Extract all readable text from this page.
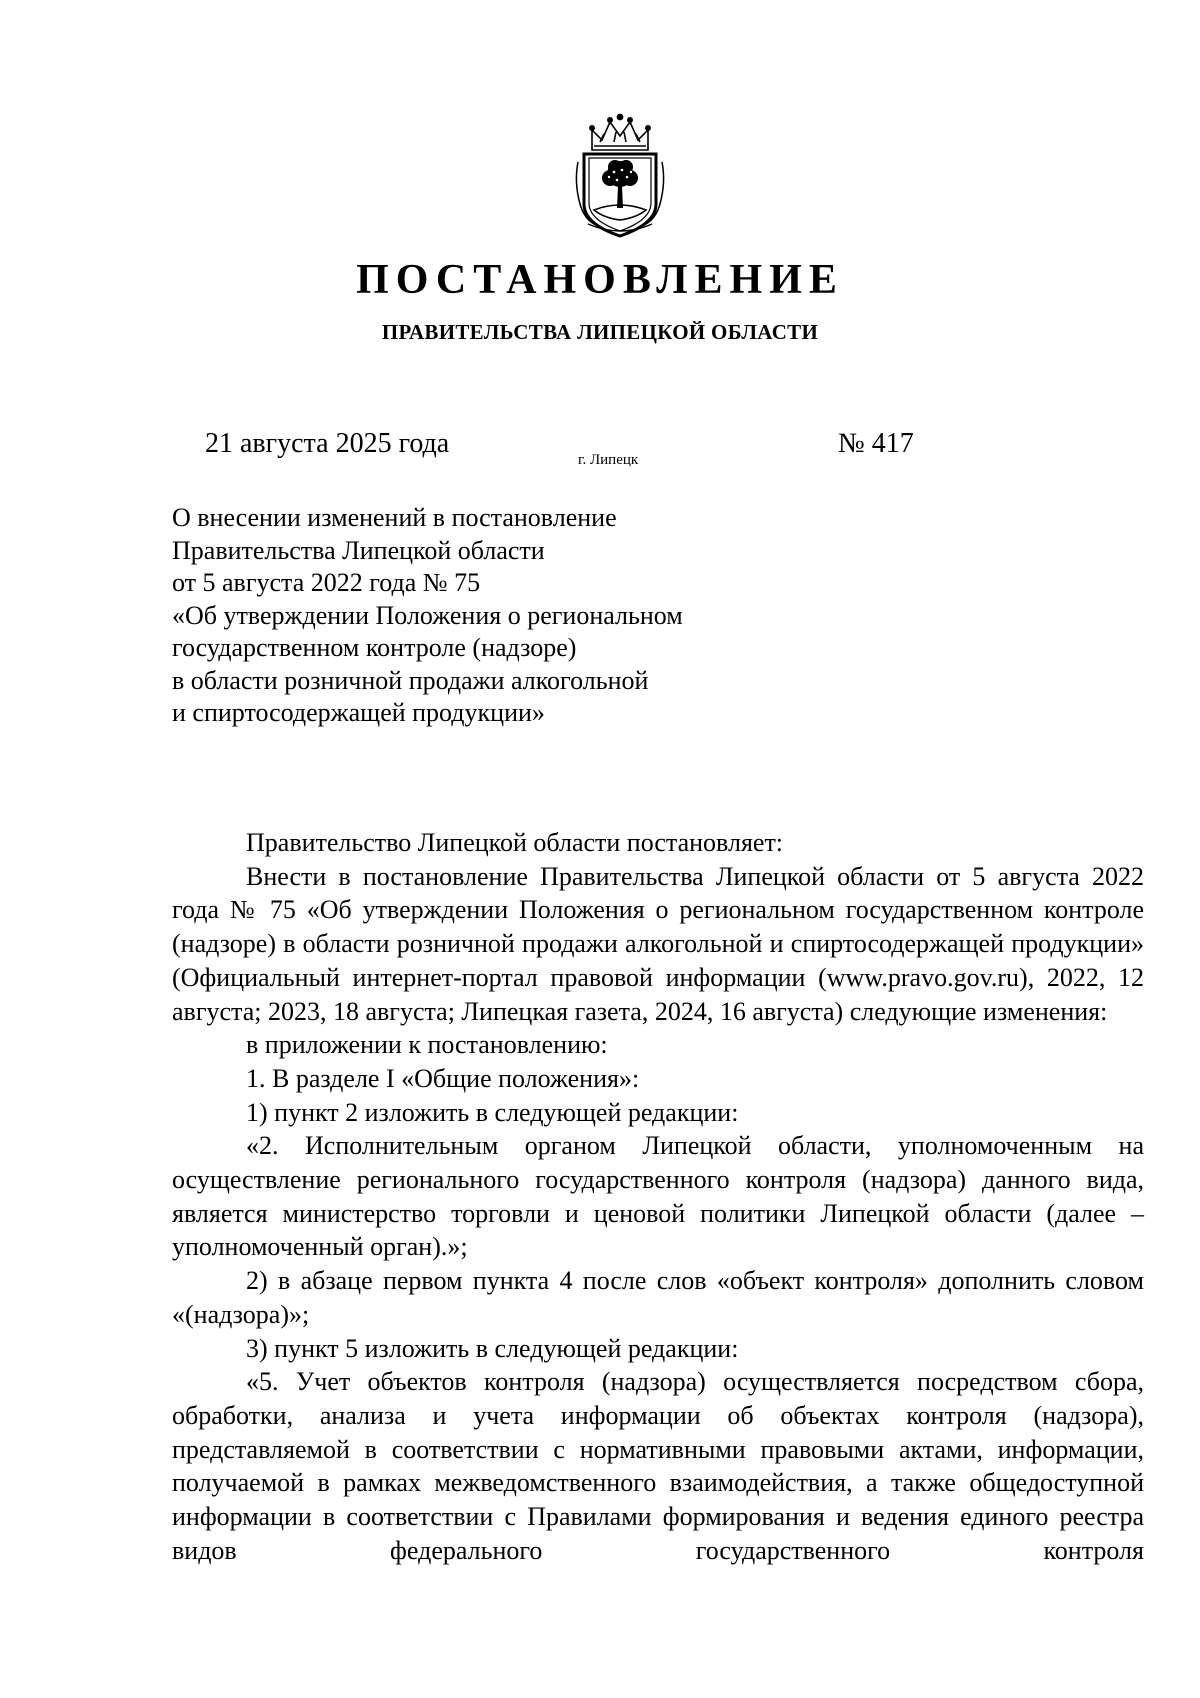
ПОСТАНОВЛЕНИЕ
ПРАВИТЕЛЬСТВА ЛИПЕЦКОЙ ОБЛАСТИ
21 августа 2025 года
г. Липецк
№ 417
О внесении изменений в постановление
Правительства Липецкой области
от 5 августа 2022 года № 75
«Об утверждении Положения о региональном
государственном контроле (надзоре)
в области розничной продажи алкогольной
и спиртосодержащей продукции»

Правительство Липецкой области постановляет:

Внести в постановление Правительства Липецкой области от 5 августа 2022 года № 75 «Об утверждении Положения о региональном государственном контроле (надзоре) в области розничной продажи алкогольной и спиртосодержащей продукции» (Официальный интернет-портал правовой информации (www.pravo.gov.ru), 2022, 12 августа; 2023, 18 августа; Липецкая газета, 2024, 16 августа) следующие изменения:

в приложении к постановлению:

1. В разделе I «Общие положения»:

1) пункт 2 изложить в следующей редакции:

«2. Исполнительным органом Липецкой области, уполномоченным на осуществление регионального государственного контроля (надзора) данного вида, является министерство торговли и ценовой политики Липецкой области (далее – уполномоченный орган).»;

2) в абзаце первом пункта 4 после слов «объект контроля» дополнить словом «(надзора)»;

3) пункт 5 изложить в следующей редакции:

«5. Учет объектов контроля (надзора) осуществляется посредством сбора, обработки, анализа и учета информации об объектах контроля (надзора), представляемой в соответствии с нормативными правовыми актами, информации, получаемой в рамках межведомственного взаимодействия, а также общедоступной информации в соответствии с Правилами формирования и ведения единого реестра видов федерального государственного контроля
